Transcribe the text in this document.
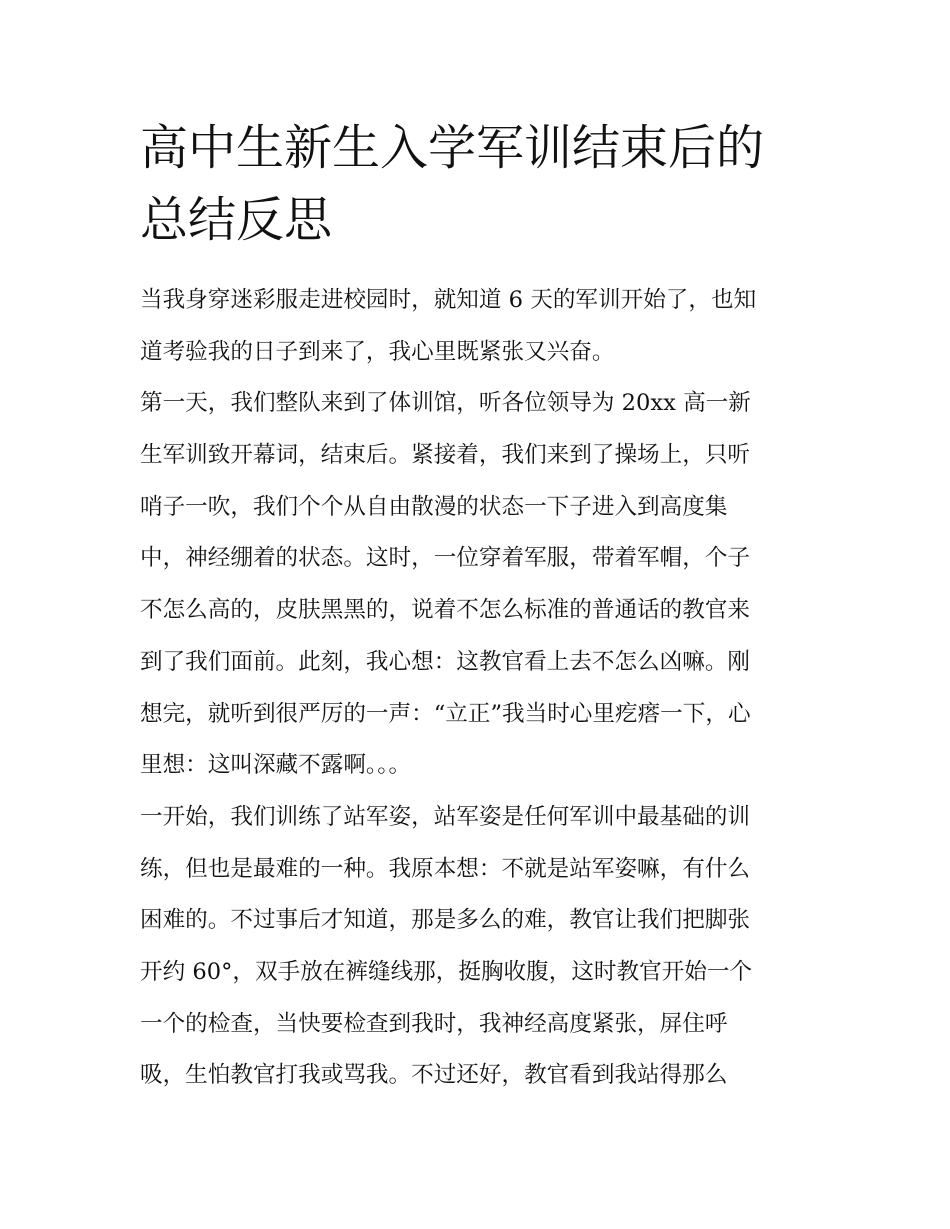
高中生新生入学军训结束后的
总结反思
当我身穿迷彩服走进校园时，就知道 6 天的军训开始了，也知
道考验我的日子到来了，我心里既紧张又兴奋。
第一天，我们整队来到了体训馆，听各位领导为 20xx 高一新
生军训致开幕词，结束后。紧接着，我们来到了操场上，只听
哨子一吹，我们个个从自由散漫的状态一下子进入到高度集
中，神经绷着的状态。这时，一位穿着军服，带着军帽，个子
不怎么高的，皮肤黑黑的，说着不怎么标准的普通话的教官来
到了我们面前。此刻，我心想：这教官看上去不怎么凶嘛。刚
想完，就听到很严厉的一声：“立正”我当时心里疙瘩一下，心
里想：这叫深藏不露啊。。。
一开始，我们训练了站军姿，站军姿是任何军训中最基础的训
练，但也是最难的一种。我原本想：不就是站军姿嘛，有什么
困难的。不过事后才知道，那是多么的难，教官让我们把脚张
开约 60°，双手放在裤缝线那，挺胸收腹，这时教官开始一个
一个的检查，当快要检查到我时，我神经高度紧张，屏住呼
吸，生怕教官打我或骂我。不过还好，教官看到我站得那么
